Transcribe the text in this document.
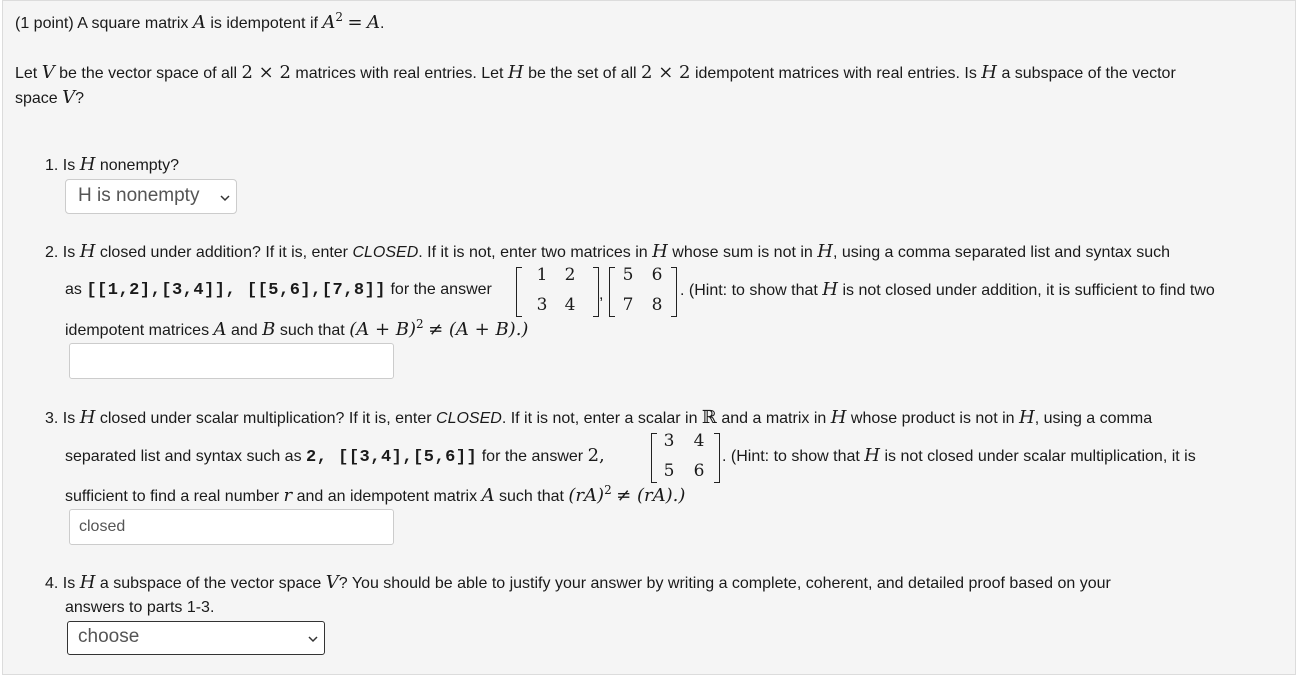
(1 point) A square matrix A is idempotent if $A^2 = A$.
Let V be the vector space of all 2 × 2 matrices with real entries. Let H be the set of all 2 × 2 idempotent matrices with real entries. Is H a subspace of the vector
space V?
1. Is H nonempty?
H is nonempty
2. Is H closed under addition? If it is, enter CLOSED. If it is not, enter two matrices in H whose sum is not in H, using a comma separated list and syntax such
as [[1,2],[3,4]], [[5,6],[7,8]] for the answer
1 2
3 4
,
5 6
7 8
. (Hint: to show that H is not closed under addition, it is sufficient to find two
idempotent matrices A and B such that $(A + B)^2 \ne (A + B)$.)
3. Is H closed under scalar multiplication? If it is, enter CLOSED. If it is not, enter a scalar in ℝ and a matrix in H whose product is not in H, using a comma
separated list and syntax such as 2, [[3,4],[5,6]] for the answer 2,
3 4
5 6
. (Hint: to show that H is not closed under scalar multiplication, it is
sufficient to find a real number r and an idempotent matrix A such that (rA)$^2$ ≠ (rA).)
closed
4. Is H a subspace of the vector space V? You should be able to justify your answer by writing a complete, coherent, and detailed proof based on your
answers to parts 1-3.
choose
